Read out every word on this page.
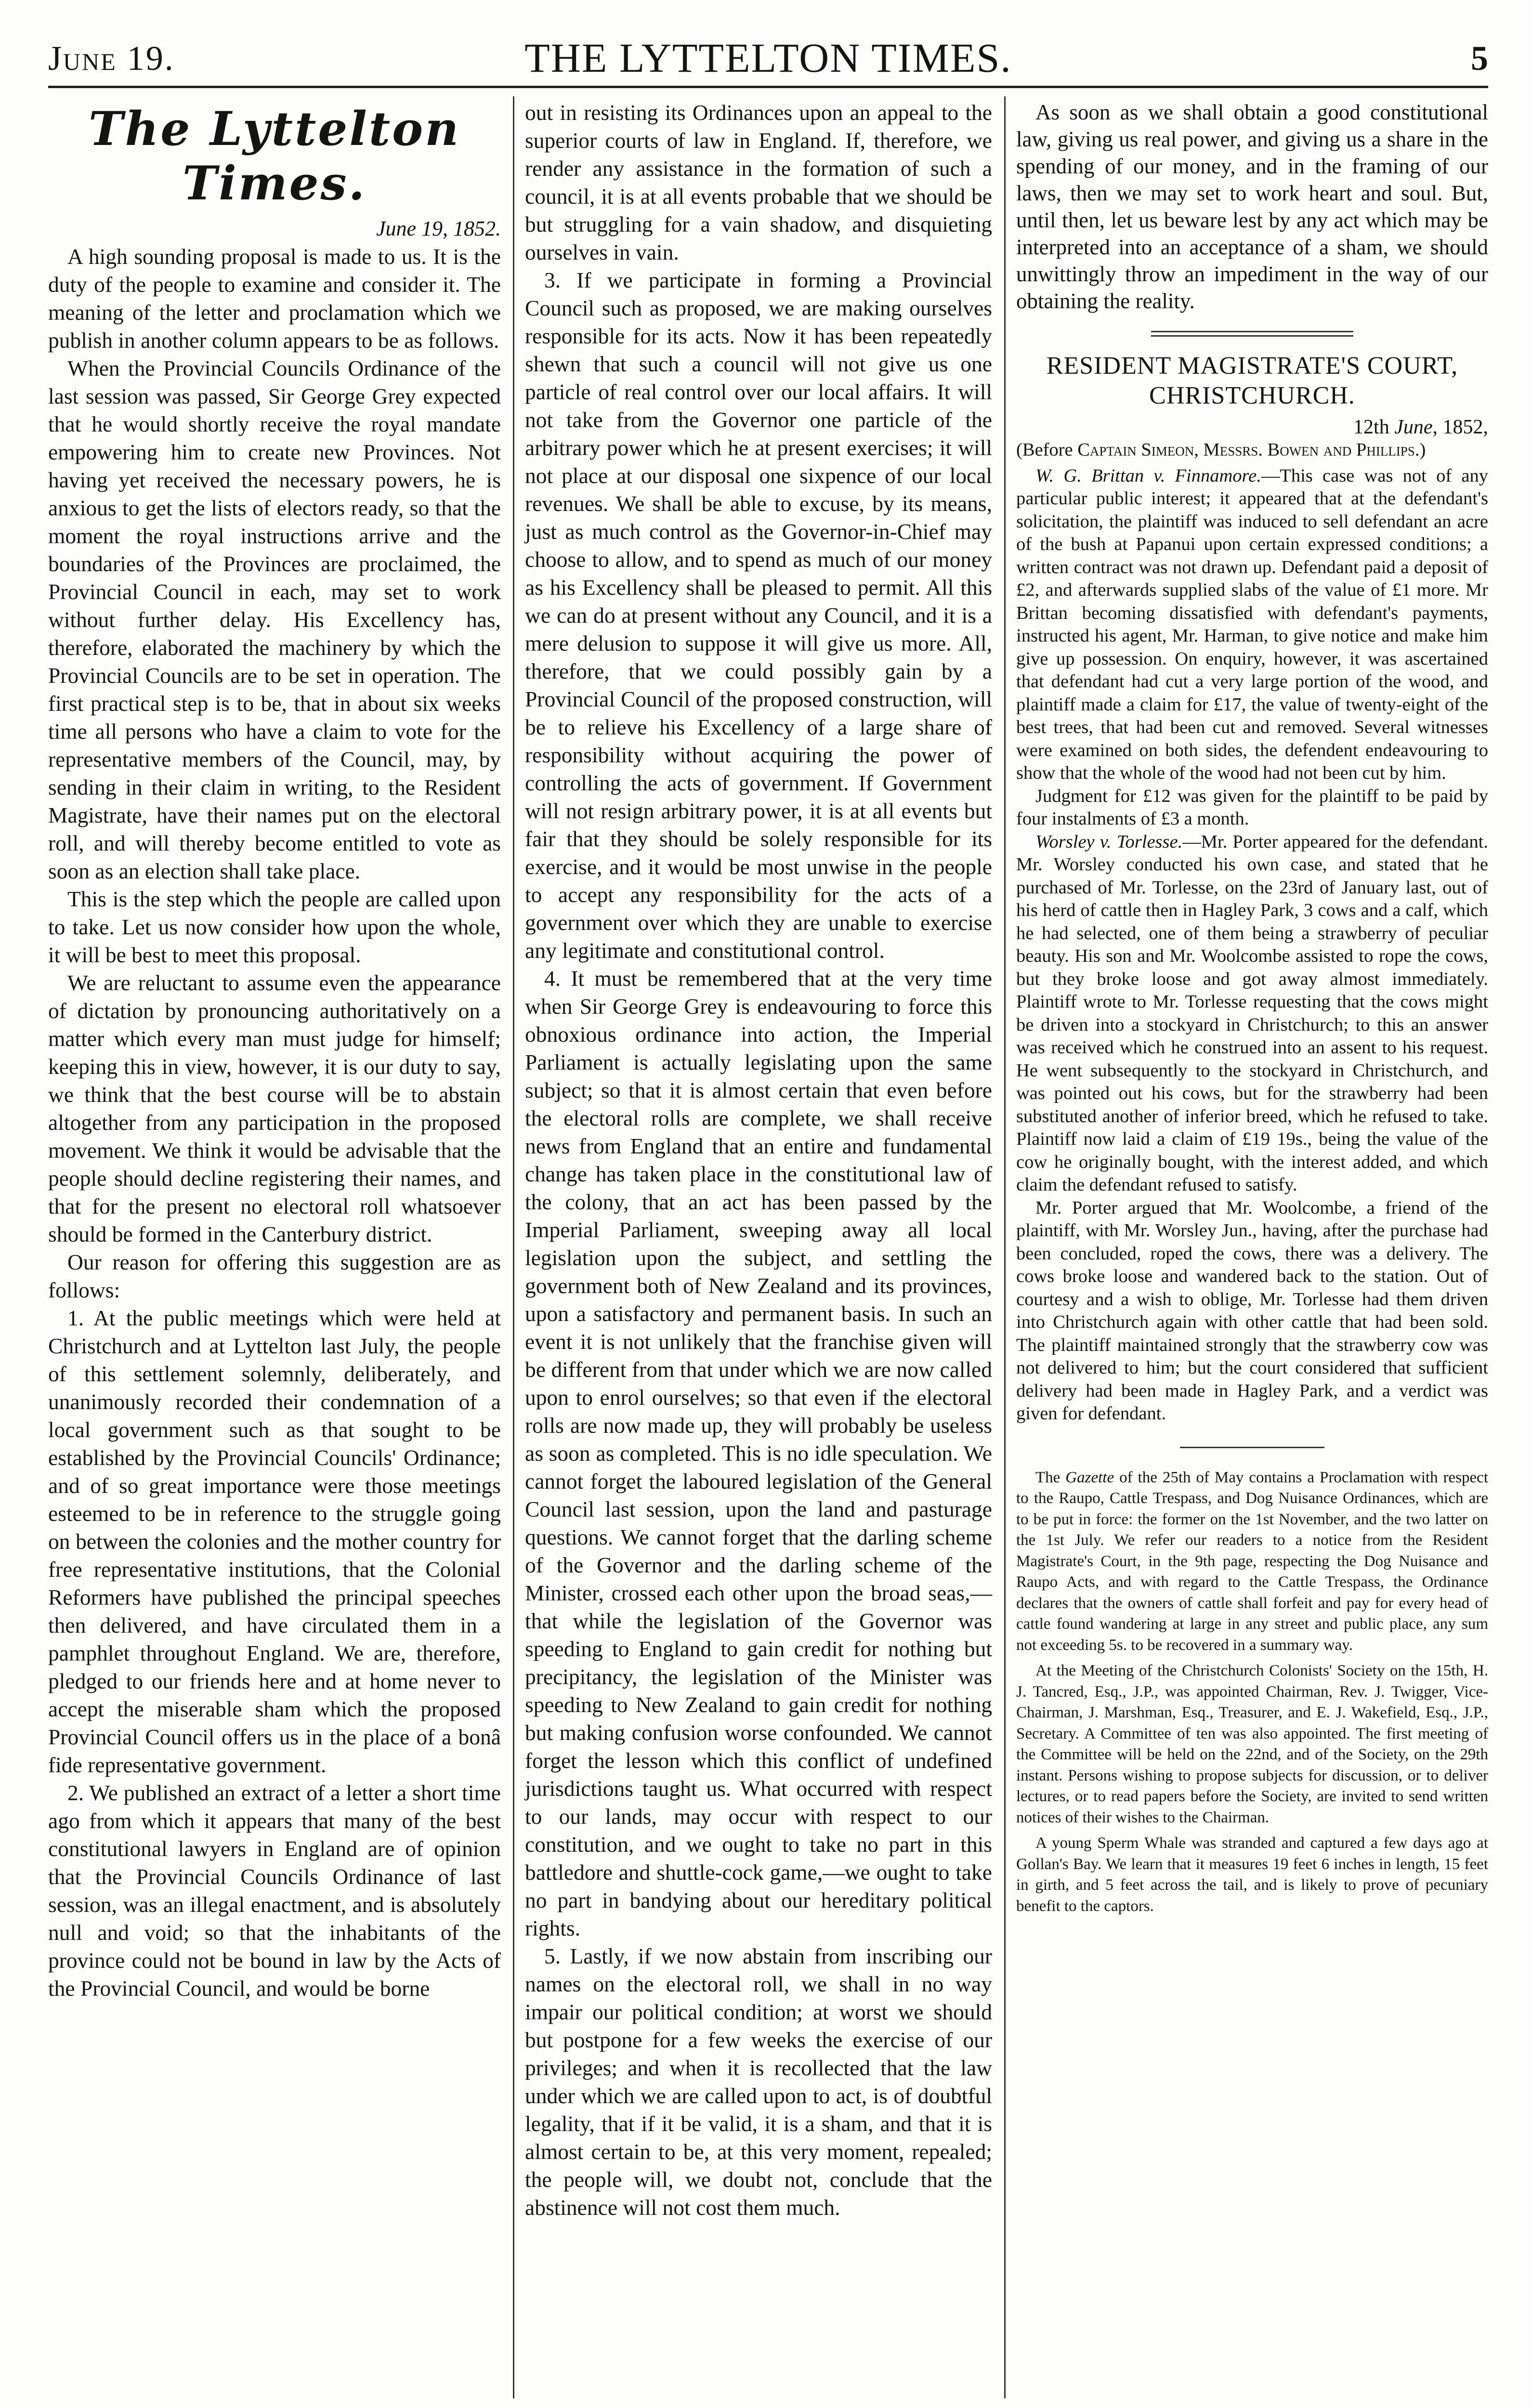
June 19.	THE LYTTELTON TIMES.	5
The Lyttelton Times.
June 19, 1852.

A high sounding proposal is made to us. It is the duty of the people to examine and consider it. The meaning of the letter and proclamation which we publish in another column appears to be as follows.

When the Provincial Councils Ordinance of the last session was passed, Sir George Grey expected that he would shortly receive the royal mandate empowering him to create new Provinces. Not having yet received the necessary powers, he is anxious to get the lists of electors ready, so that the moment the royal instructions arrive and the boundaries of the Provinces are proclaimed, the Provincial Council in each, may set to work without further delay. His Excellency has, therefore, elaborated the machinery by which the Provincial Councils are to be set in operation. The first practical step is to be, that in about six weeks time all persons who have a claim to vote for the representative members of the Council, may, by sending in their claim in writing, to the Resident Magistrate, have their names put on the electoral roll, and will thereby become entitled to vote as soon as an election shall take place.

This is the step which the people are called upon to take. Let us now consider how upon the whole, it will be best to meet this proposal.

We are reluctant to assume even the appearance of dictation by pronouncing authoritatively on a matter which every man must judge for himself; keeping this in view, however, it is our duty to say, we think that the best course will be to abstain altogether from any participation in the proposed movement. We think it would be advisable that the people should decline registering their names, and that for the present no electoral roll whatsoever should be formed in the Canterbury district.

Our reason for offering this suggestion are as follows:

1. At the public meetings which were held at Christchurch and at Lyttelton last July, the people of this settlement solemnly, deliberately, and unanimously recorded their condemnation of a local government such as that sought to be established by the Provincial Councils' Ordinance; and of so great importance were those meetings esteemed to be in reference to the struggle going on between the colonies and the mother country for free representative institutions, that the Colonial Reformers have published the principal speeches then delivered, and have circulated them in a pamphlet throughout England. We are, therefore, pledged to our friends here and at home never to accept the miserable sham which the proposed Provincial Council offers us in the place of a bonâ fide representative government.

2. We published an extract of a letter a short time ago from which it appears that many of the best constitutional lawyers in England are of opinion that the Provincial Councils Ordinance of last session, was an illegal enactment, and is absolutely null and void; so that the inhabitants of the province could not be bound in law by the Acts of the Provincial Council, and would be borne

out in resisting its Ordinances upon an appeal to the superior courts of law in England. If, therefore, we render any assistance in the formation of such a council, it is at all events probable that we should be but struggling for a vain shadow, and disquieting ourselves in vain.

3. If we participate in forming a Provincial Council such as proposed, we are making ourselves responsible for its acts. Now it has been repeatedly shewn that such a council will not give us one particle of real control over our local affairs. It will not take from the Governor one particle of the arbitrary power which he at present exercises; it will not place at our disposal one sixpence of our local revenues. We shall be able to excuse, by its means, just as much control as the Governor-in-Chief may choose to allow, and to spend as much of our money as his Excellency shall be pleased to permit. All this we can do at present without any Council, and it is a mere delusion to suppose it will give us more. All, therefore, that we could possibly gain by a Provincial Council of the proposed construction, will be to relieve his Excellency of a large share of responsibility without acquiring the power of controlling the acts of government. If Government will not resign arbitrary power, it is at all events but fair that they should be solely responsible for its exercise, and it would be most unwise in the people to accept any responsibility for the acts of a government over which they are unable to exercise any legitimate and constitutional control.

4. It must be remembered that at the very time when Sir George Grey is endeavouring to force this obnoxious ordinance into action, the Imperial Parliament is actually legislating upon the same subject; so that it is almost certain that even before the electoral rolls are complete, we shall receive news from England that an entire and fundamental change has taken place in the constitutional law of the colony, that an act has been passed by the Imperial Parliament, sweeping away all local legislation upon the subject, and settling the government both of New Zealand and its provinces, upon a satisfactory and permanent basis. In such an event it is not unlikely that the franchise given will be different from that under which we are now called upon to enrol ourselves; so that even if the electoral rolls are now made up, they will probably be useless as soon as completed. This is no idle speculation. We cannot forget the laboured legislation of the General Council last session, upon the land and pasturage questions. We cannot forget that the darling scheme of the Governor and the darling scheme of the Minister, crossed each other upon the broad seas,—that while the legislation of the Governor was speeding to England to gain credit for nothing but precipitancy, the legislation of the Minister was speeding to New Zealand to gain credit for nothing but making confusion worse confounded. We cannot forget the lesson which this conflict of undefined jurisdictions taught us. What occurred with respect to our lands, may occur with respect to our constitution, and we ought to take no part in this battledore and shuttle-cock game,—we ought to take no part in bandying about our hereditary political rights.

5. Lastly, if we now abstain from inscribing our names on the electoral roll, we shall in no way impair our political condition; at worst we should but postpone for a few weeks the exercise of our privileges; and when it is recollected that the law under which we are called upon to act, is of doubtful legality, that if it be valid, it is a sham, and that it is almost certain to be, at this very moment, repealed; the people will, we doubt not, conclude that the abstinence will not cost them much.

As soon as we shall obtain a good constitutional law, giving us real power, and giving us a share in the spending of our money, and in the framing of our laws, then we may set to work heart and soul. But, until then, let us beware lest by any act which may be interpreted into an acceptance of a sham, we should unwittingly throw an impediment in the way of our obtaining the reality.

RESIDENT MAGISTRATE'S COURT,
CHRISTCHURCH.
12th June, 1852,

(Before Captain Simeon, Messrs. Bowen and Phillips.)

W. G. Brittan v. Finnamore.—This case was not of any particular public interest; it appeared that at the defendant's solicitation, the plaintiff was induced to sell defendant an acre of the bush at Papanui upon certain expressed conditions; a written contract was not drawn up. Defendant paid a deposit of £2, and afterwards supplied slabs of the value of £1 more. Mr Brittan becoming dissatisfied with defendant's payments, instructed his agent, Mr. Harman, to give notice and make him give up possession. On enquiry, however, it was ascertained that defendant had cut a very large portion of the wood, and plaintiff made a claim for £17, the value of twenty-eight of the best trees, that had been cut and removed. Several witnesses were examined on both sides, the defendent endeavouring to show that the whole of the wood had not been cut by him.

Judgment for £12 was given for the plaintiff to be paid by four instalments of £3 a month.

Worsley v. Torlesse.—Mr. Porter appeared for the defendant. Mr. Worsley conducted his own case, and stated that he purchased of Mr. Torlesse, on the 23rd of January last, out of his herd of cattle then in Hagley Park, 3 cows and a calf, which he had selected, one of them being a strawberry of peculiar beauty. His son and Mr. Woolcombe assisted to rope the cows, but they broke loose and got away almost immediately. Plaintiff wrote to Mr. Torlesse requesting that the cows might be driven into a stockyard in Christchurch; to this an answer was received which he construed into an assent to his request. He went subsequently to the stockyard in Christchurch, and was pointed out his cows, but for the strawberry had been substituted another of inferior breed, which he refused to take. Plaintiff now laid a claim of £19 19s., being the value of the cow he originally bought, with the interest added, and which claim the defendant refused to satisfy.

Mr. Porter argued that Mr. Woolcombe, a friend of the plaintiff, with Mr. Worsley Jun., having, after the purchase had been concluded, roped the cows, there was a delivery. The cows broke loose and wandered back to the station. Out of courtesy and a wish to oblige, Mr. Torlesse had them driven into Christchurch again with other cattle that had been sold. The plaintiff maintained strongly that the strawberry cow was not delivered to him; but the court considered that sufficient delivery had been made in Hagley Park, and a verdict was given for defendant.

The Gazette of the 25th of May contains a Proclamation with respect to the Raupo, Cattle Trespass, and Dog Nuisance Ordinances, which are to be put in force: the former on the 1st November, and the two latter on the 1st July. We refer our readers to a notice from the Resident Magistrate's Court, in the 9th page, respecting the Dog Nuisance and Raupo Acts, and with regard to the Cattle Trespass, the Ordinance declares that the owners of cattle shall forfeit and pay for every head of cattle found wandering at large in any street and public place, any sum not exceeding 5s. to be recovered in a summary way.

At the Meeting of the Christchurch Colonists' Society on the 15th, H. J. Tancred, Esq., J.P., was appointed Chairman, Rev. J. Twigger, Vice-Chairman, J. Marshman, Esq., Treasurer, and E. J. Wakefield, Esq., J.P., Secretary. A Committee of ten was also appointed. The first meeting of the Committee will be held on the 22nd, and of the Society, on the 29th instant. Persons wishing to propose subjects for discussion, or to deliver lectures, or to read papers before the Society, are invited to send written notices of their wishes to the Chairman.

A young Sperm Whale was stranded and captured a few days ago at Gollan's Bay. We learn that it measures 19 feet 6 inches in length, 15 feet in girth, and 5 feet across the tail, and is likely to prove of pecuniary benefit to the captors.
